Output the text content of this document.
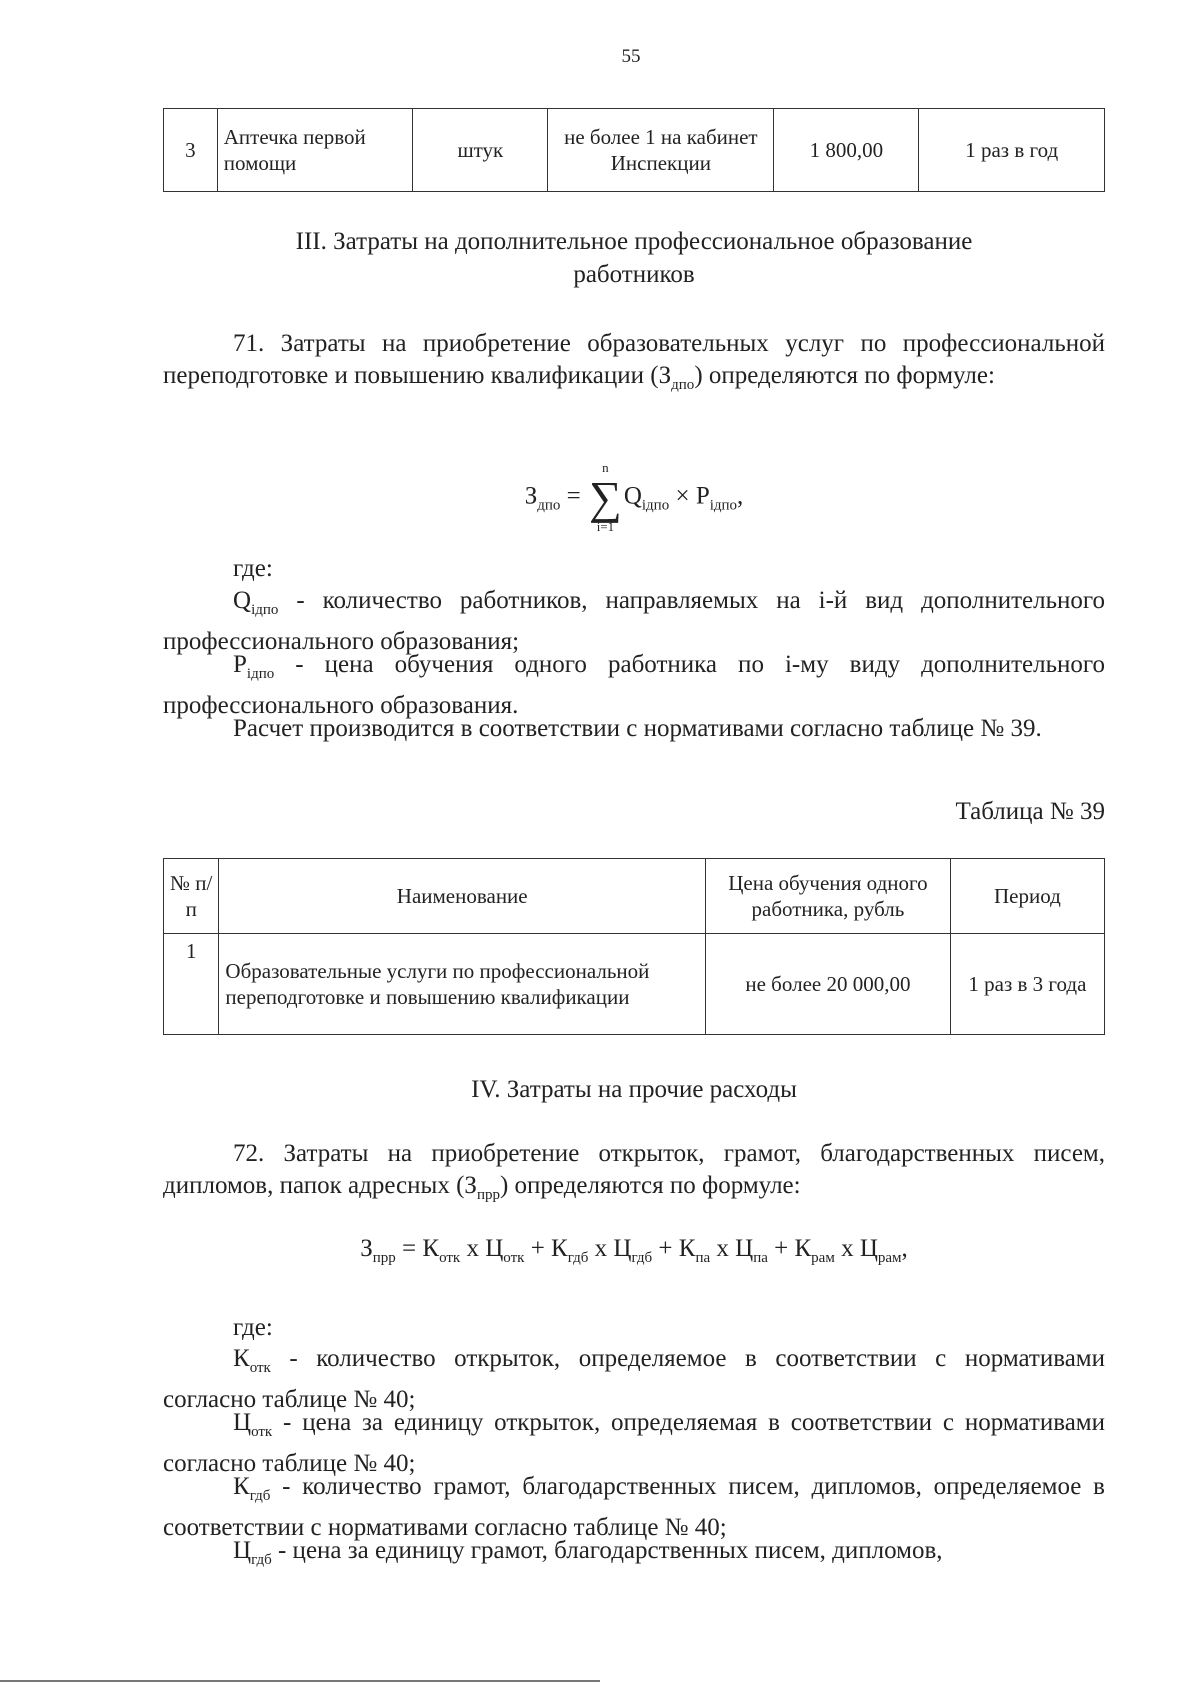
55
3	Аптечка первой помощи	штук	не более 1 на кабинет Инспекции	1 800,00	1 раз в год
III. Затраты на дополнительное профессиональное образование
работников
71. Затраты на приобретение образовательных услуг по профессиональной переподготовке и повышению квалификации $(З_{дпо})$ определяются по формуле:
$З_{дпо}$ = ∑
n
i=1
$Q_{iдпо} \times P_{iдпо}$,
где:
$Q_{iдпо}$ - количество работников, направляемых на i-й вид дополнительного профессионального образования;
$P_{iдпо}$ - цена обучения одного работника по i-му виду дополнительного профессионального образования.
Расчет производится в соответствии с нормативами согласно таблице № 39.
Таблица № 39
№ п/п	Наименование	Цена обучения одного работника, рубль	Период
1	Образовательные услуги по профессиональной переподготовке и повышению квалификации	не более 20 000,00	1 раз в 3 года
IV. Затраты на прочие расходы
72. Затраты на приобретение открыток, грамот, благодарственных писем, дипломов, папок адресных $(З_{прр})$ определяются по формуле:
$З_{прр} = К_{отк}$ х $Ц_{отк} + К_{гдб}$ х $Ц_{гдб} + К_{па}$ х $Ц_{па} + К_{рам}$ х $Ц_{рам}$,
где:
$К_{отк}$ - количество открыток, определяемое в соответствии с нормативами согласно таблице № 40;
$Ц_{отк}$ - цена за единицу открыток, определяемая в соответствии с нормативами согласно таблице № 40;
$К_{гдб}$ - количество грамот, благодарственных писем, дипломов, определяемое в соответствии с нормативами согласно таблице № 40;
$Ц_{гдб}$ - цена за единицу грамот, благодарственных писем, дипломов,
